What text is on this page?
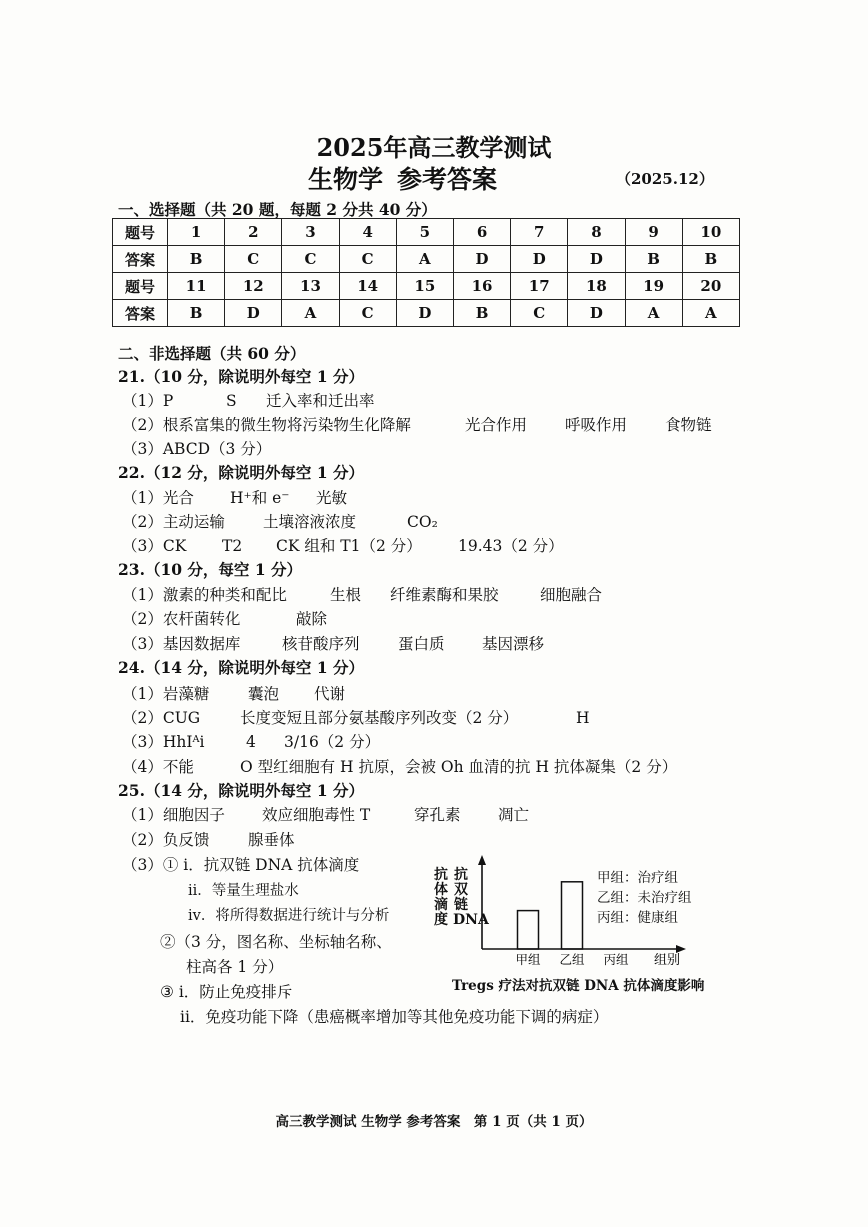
2025年高三教学测试
生物学 参考答案	（2025.12）
一、选择题（共 20 题，每题 2 分共 40 分）
题号	1	2	3	4	5	6	7	8	9	10
答案	B	C	C	C	A	D	D	D	B	B
题号	11	12	13	14	15	16	17	18	19	20
答案	B	D	A	C	D	B	C	D	A	A
二、非选择题（共 60 分）
21.（10 分，除说明外每空 1 分）
（1）P	S 迁入率和迁出率
（2）根系富集的微生物将污染物生化降解	光合作用 呼吸作用 食物链
（3）ABCD（3 分）
22.（12 分，除说明外每空 1 分）
（1）光合 H⁺和 e⁻ 光敏
（2）主动运输 土壤溶液浓度	CO₂
（3）CK T2 CK 组和 T1（2 分） 19.43（2 分）
23.（10 分，每空 1 分）
（1）激素的种类和配比	生根 纤维素酶和果胶	细胞融合
（2）农杆菌转化	敲除
（3）基因数据库	核苷酸序列 蛋白质 基因漂移
24.（14 分，除说明外每空 1 分）
（1）岩藻糖 囊泡 代谢
（2）CUG	长度变短且部分氨基酸序列改变（2 分）	H
（3）HhIᴬi	4 3/16（2 分）
（4）不能	O 型红细胞有 H 抗原，会被 Oh 血清的抗 H 抗体凝集（2 分）
25.（14 分，除说明外每空 1 分）
（1）细胞因子 效应细胞毒性 T	穿孔素 凋亡
（2）负反馈 腺垂体
（3）① i．抗双链 DNA 抗体滴度
ii．等量生理盐水
iv．将所得数据进行统计与分析
②（3 分，图名称、坐标轴名称、
柱高各 1 分）
③ i．防止免疫排斥
ii．免疫功能下降（患癌概率增加等其他免疫功能下调的病症）
抗体滴度
抗双链DNA
甲组 乙组 丙组 组别
甲组：治疗组
乙组：未治疗组
丙组：健康组
Tregs 疗法对抗双链 DNA 抗体滴度影响
高三教学测试 生物学 参考答案　第 1 页（共 1 页）
